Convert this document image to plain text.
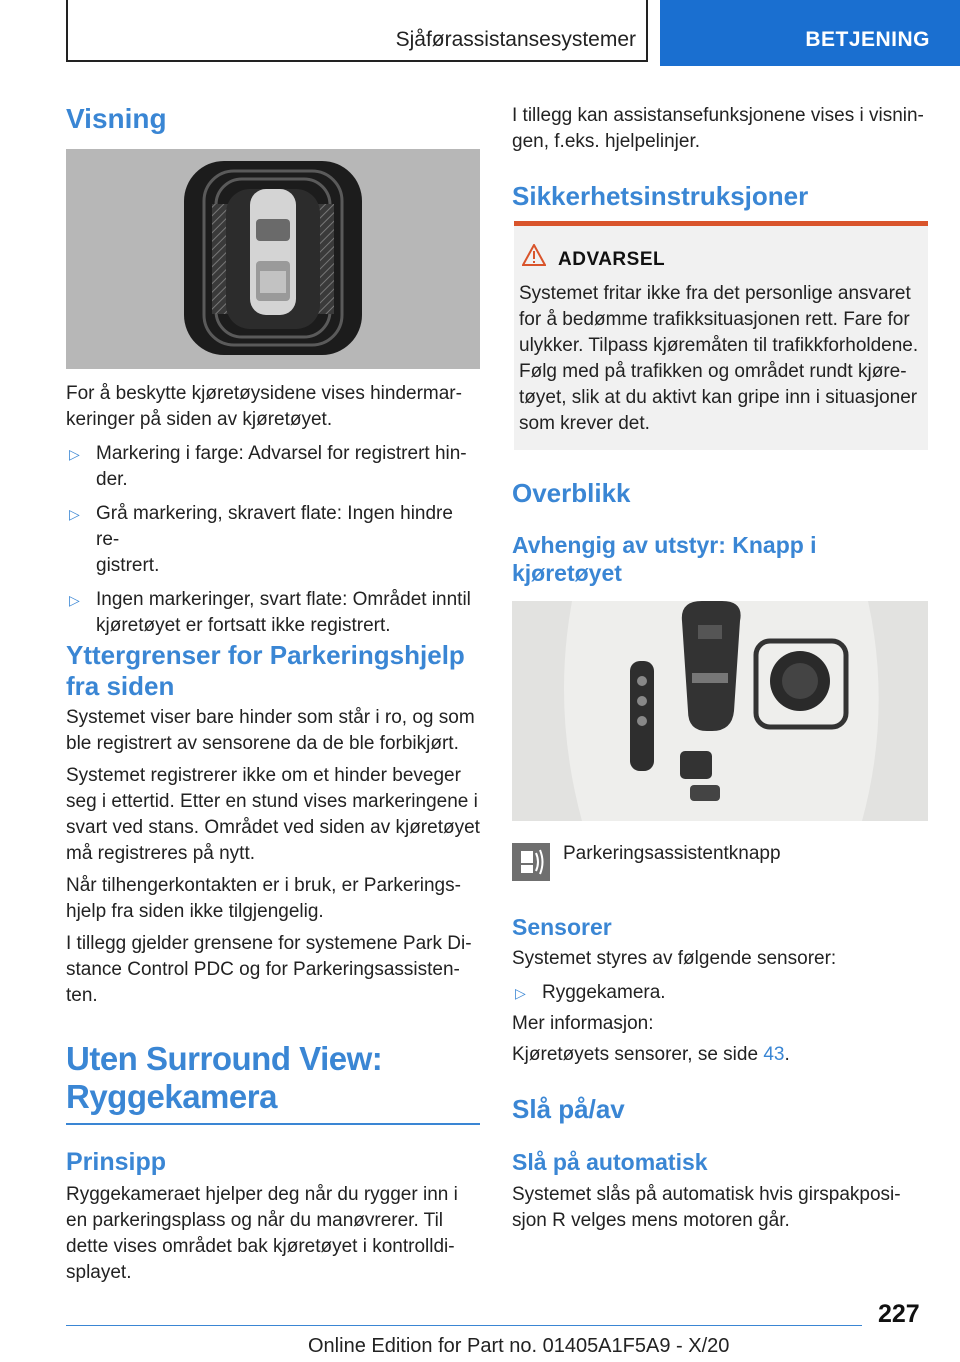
Sjåførassistansesystemer	BETJENING
Visning
For å beskytte kjøretøysidene vises hindermar-
keringer på siden av kjøretøyet.
▷ Markering i farge: Advarsel for registrert hin-
der.
▷ Grå markering, skravert flate: Ingen hindre re-
gistrert.
▷ Ingen markeringer, svart flate: Området inntil
kjøretøyet er fortsatt ikke registrert.
Yttergrenser for Parkeringshjelp
fra siden
Systemet viser bare hinder som står i ro, og som
ble registrert av sensorene da de ble forbikjørt.
Systemet registrerer ikke om et hinder beveger
seg i ettertid. Etter en stund vises markeringene i
svart ved stans. Området ved siden av kjøretøyet
må registreres på nytt.
Når tilhengerkontakten er i bruk, er Parkerings-
hjelp fra siden ikke tilgjengelig.
I tillegg gjelder grensene for systemene Park Di-
stance Control PDC og for Parkeringsassisten-
ten.
Uten Surround View:
Ryggekamera
Prinsipp
Ryggekameraet hjelper deg når du rygger inn i
en parkeringsplass og når du manøvrerer. Til
dette vises området bak kjøretøyet i kontrolldi-
splayet.
I tillegg kan assistansefunksjonene vises i visnin-
gen, f.eks. hjelpelinjer.
Sikkerhetsinstruksjoner
ADVARSEL
Systemet fritar ikke fra det personlige ansvaret
for å bedømme trafikksituasjonen rett. Fare for
ulykker. Tilpass kjøremåten til trafikkforholdene.
Følg med på trafikken og området rundt kjøre-
tøyet, slik at du aktivt kan gripe inn i situasjoner
som krever det.
Overblikk
Avhengig av utstyr: Knapp i
kjøretøyet
Parkeringsassistentknapp
Sensorer
Systemet styres av følgende sensorer:
▷ Ryggekamera.
Mer informasjon:
Kjøretøyets sensorer, se side 43.
Slå på/av
Slå på automatisk
Systemet slås på automatisk hvis girspakposi-
sjon R velges mens motoren går.
227
Online Edition for Part no. 01405A1F5A9 - X/20
